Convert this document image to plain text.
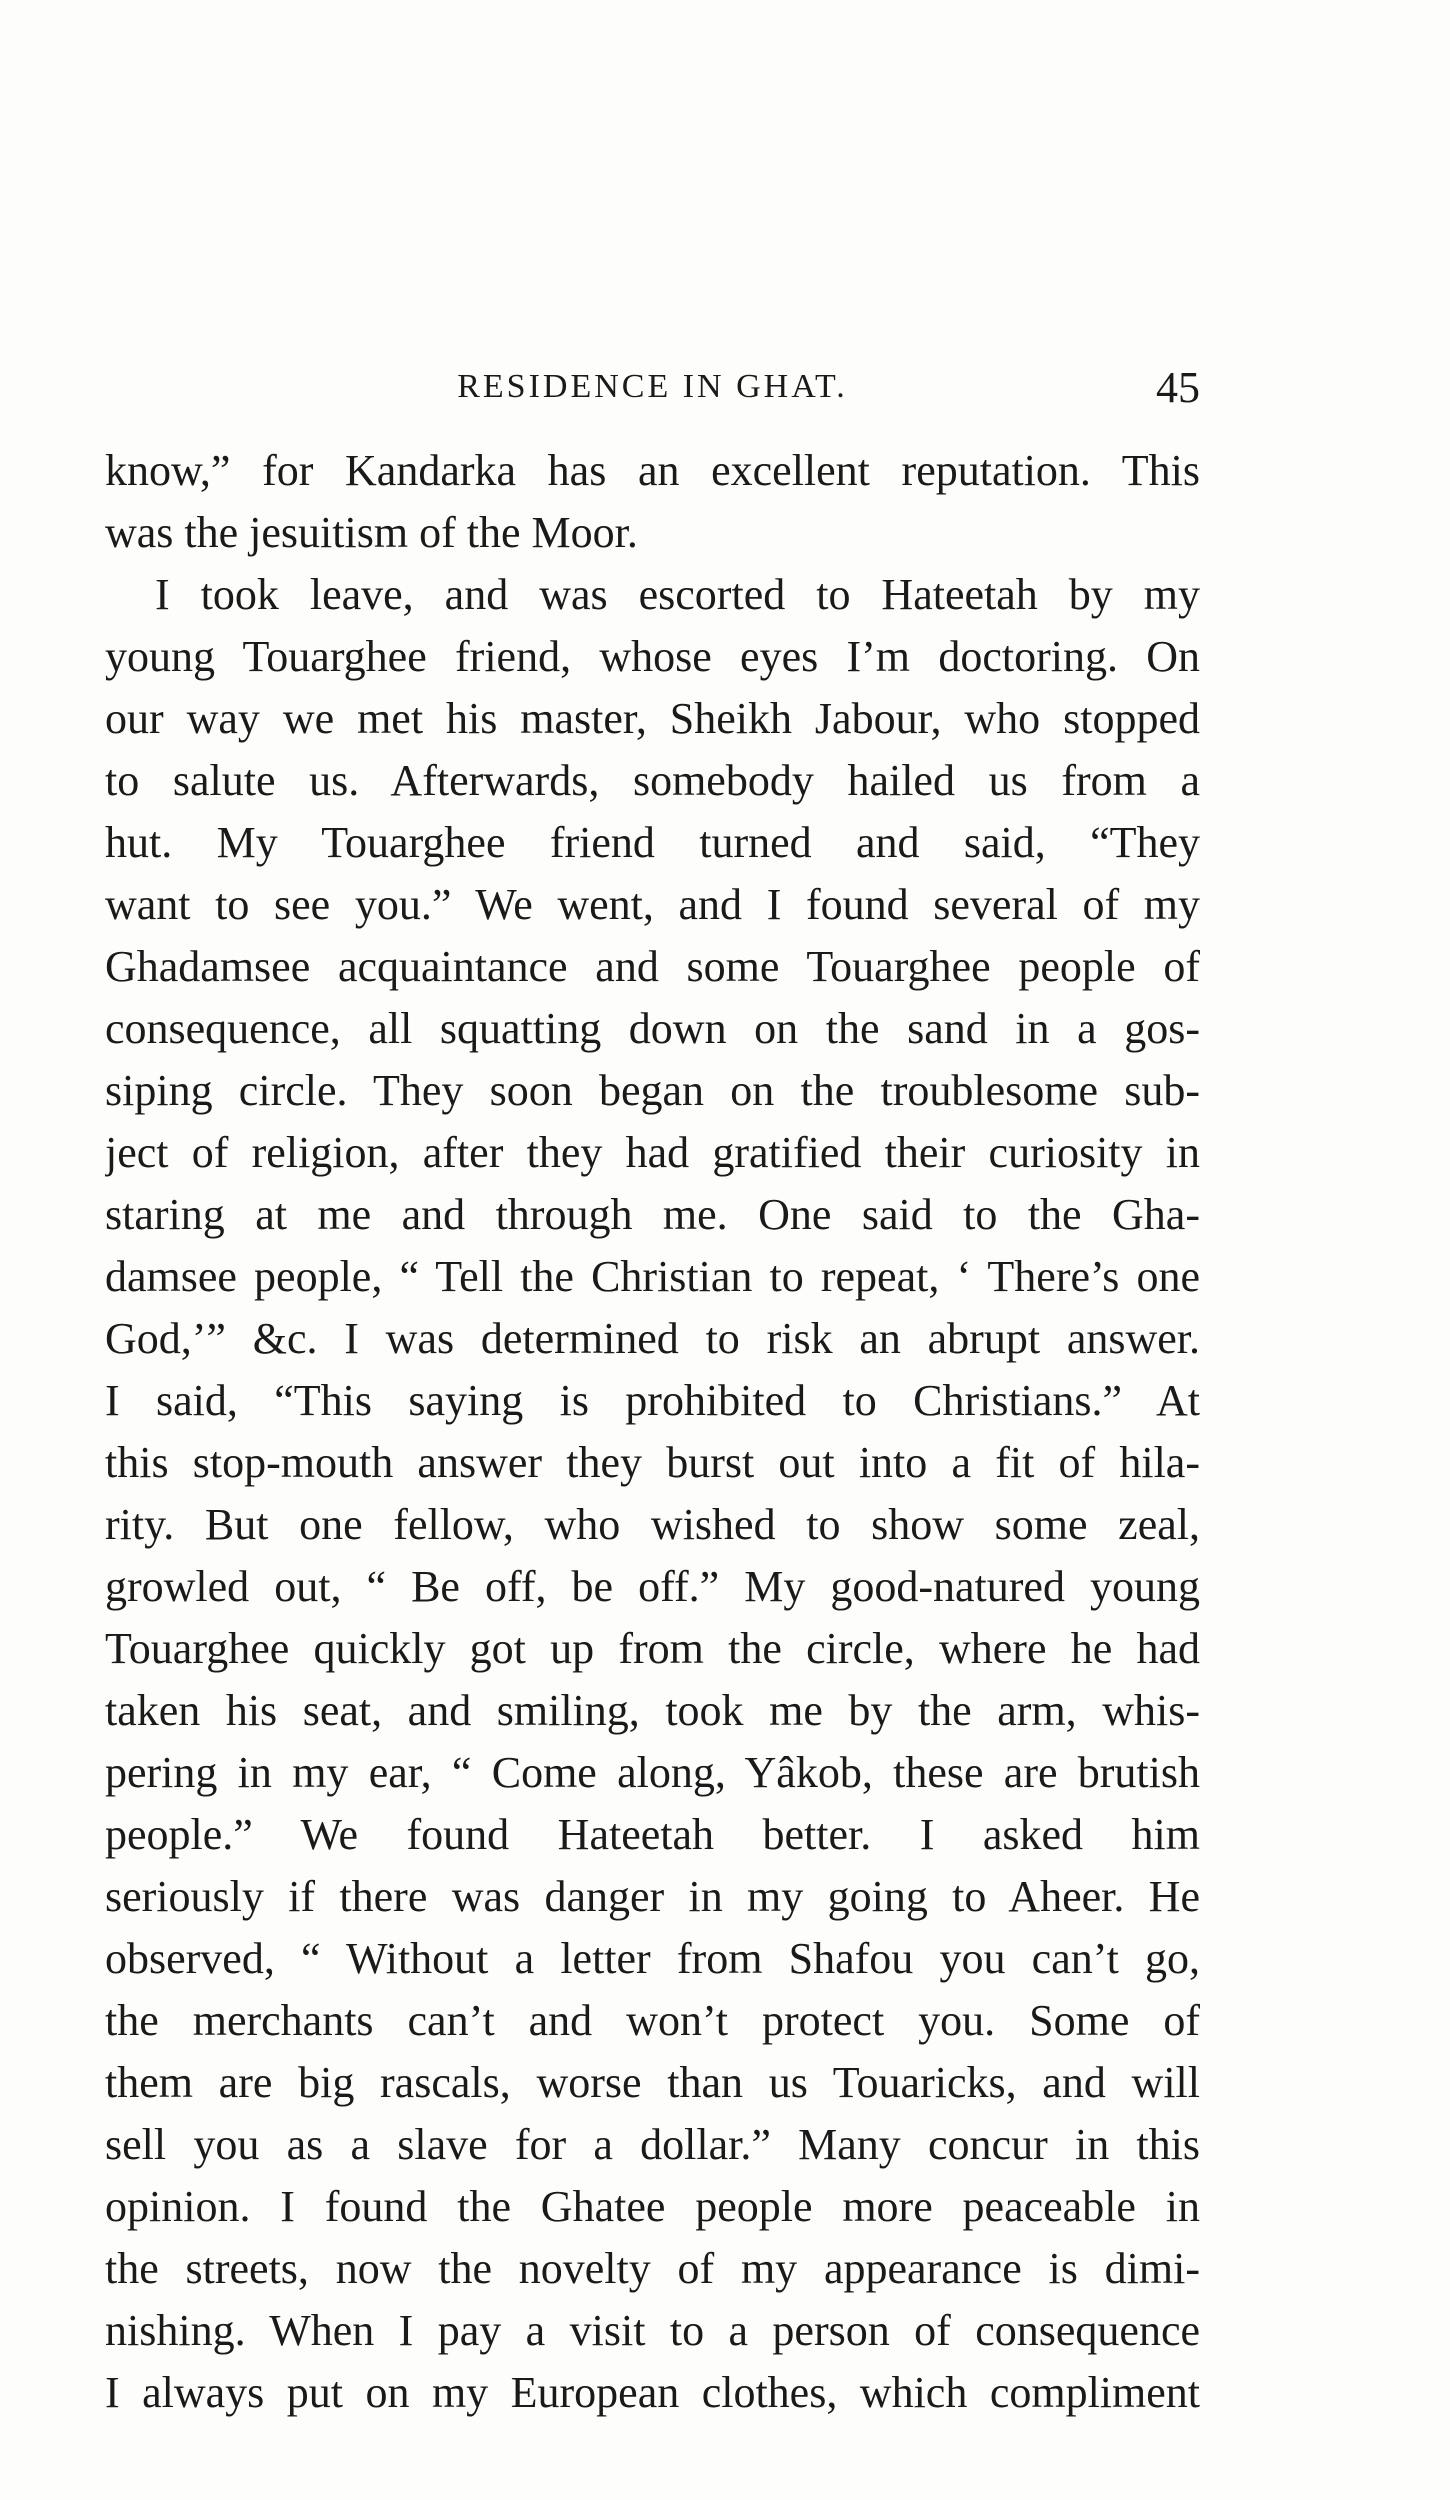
RESIDENCE IN GHAT.	45
know,” for Kandarka has an excellent reputation. This
was the jesuitism of the Moor.
I took leave, and was escorted to Hateetah by my
young Touarghee friend, whose eyes I’m doctoring. On
our way we met his master, Sheikh Jabour, who stopped
to salute us. Afterwards, somebody hailed us from a
hut. My Touarghee friend turned and said, “They
want to see you.” We went, and I found several of my
Ghadamsee acquaintance and some Touarghee people of
consequence, all squatting down on the sand in a gos-
siping circle. They soon began on the troublesome sub-
ject of religion, after they had gratified their curiosity in
staring at me and through me. One said to the Gha-
damsee people, “ Tell the Christian to repeat, ‘ There’s one
God,’” &c. I was determined to risk an abrupt answer.
I said, “This saying is prohibited to Christians.” At
this stop-mouth answer they burst out into a fit of hila-
rity. But one fellow, who wished to show some zeal,
growled out, “ Be off, be off.” My good-natured young
Touarghee quickly got up from the circle, where he had
taken his seat, and smiling, took me by the arm, whis-
pering in my ear, “ Come along, Yâkob, these are brutish
people.” We found Hateetah better. I asked him
seriously if there was danger in my going to Aheer. He
observed, “ Without a letter from Shafou you can’t go,
the merchants can’t and won’t protect you. Some of
them are big rascals, worse than us Touaricks, and will
sell you as a slave for a dollar.” Many concur in this
opinion. I found the Ghatee people more peaceable in
the streets, now the novelty of my appearance is dimi-
nishing. When I pay a visit to a person of consequence
I always put on my European clothes, which compliment
